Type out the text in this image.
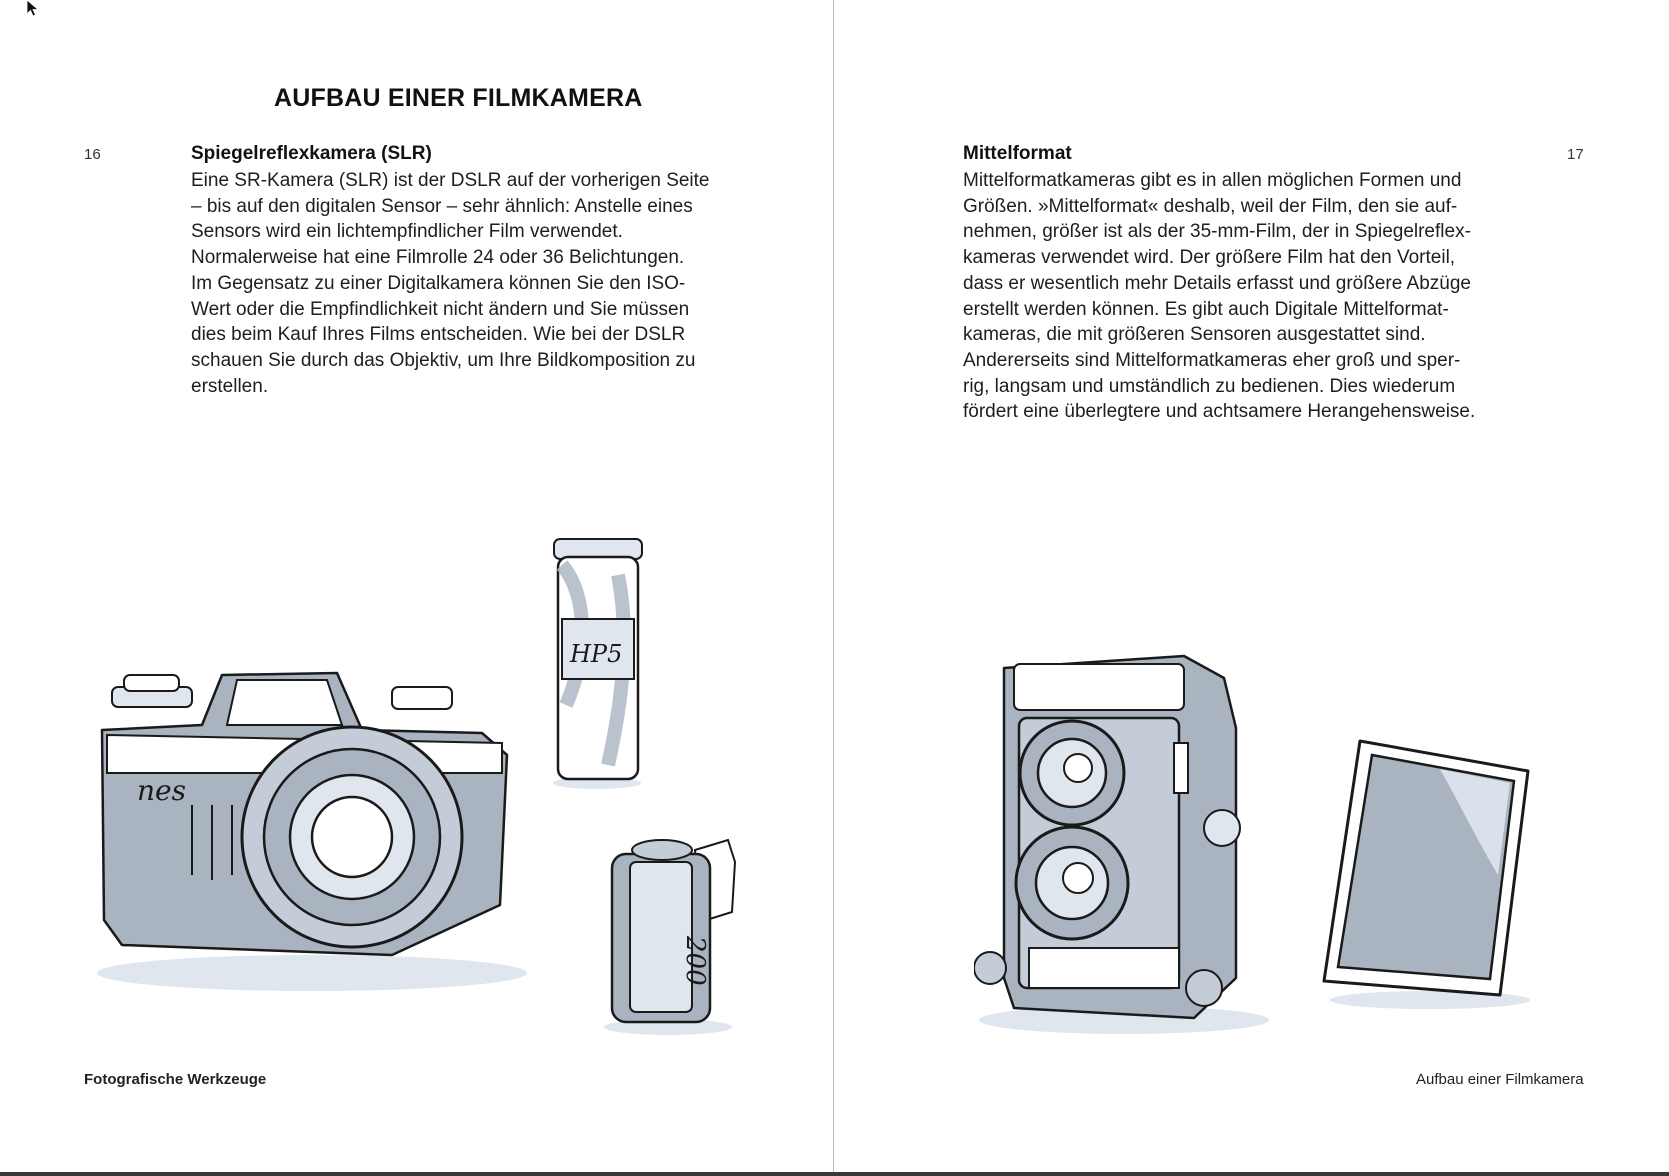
AUFBAU EINER FILMKAMERA
16	Spiegelreflexkamera (SLR)
Eine SR-Kamera (SLR) ist der DSLR auf der vorherigen Seite
– bis auf den digitalen Sensor – sehr ähnlich: Anstelle eines
Sensors wird ein lichtempfindlicher Film verwendet.
Normalerweise hat eine Filmrolle 24 oder 36 Belichtungen.
Im Gegensatz zu einer Digitalkamera können Sie den ISO-
Wert oder die Empfindlichkeit nicht ändern und Sie müssen
dies beim Kauf Ihres Films entscheiden. Wie bei der DSLR
schauen Sie durch das Objektiv, um Ihre Bildkomposition zu
erstellen.
nes
HP5
200
Fotografische Werkzeuge
17
Mittelformat
Mittelformatkameras gibt es in allen möglichen Formen und
Größen. »Mittelformat« deshalb, weil der Film, den sie auf-
nehmen, größer ist als der 35-mm-Film, der in Spiegelreflex-
kameras verwendet wird. Der größere Film hat den Vorteil,
dass er wesentlich mehr Details erfasst und größere Abzüge
erstellt werden können. Es gibt auch Digitale Mittelformat-
kameras, die mit größeren Sensoren ausgestattet sind.
Andererseits sind Mittelformatkameras eher groß und sper-
rig, langsam und umständlich zu bedienen. Dies wiederum
fördert eine überlegtere und achtsamere Herangehensweise.
Aufbau einer Filmkamera
